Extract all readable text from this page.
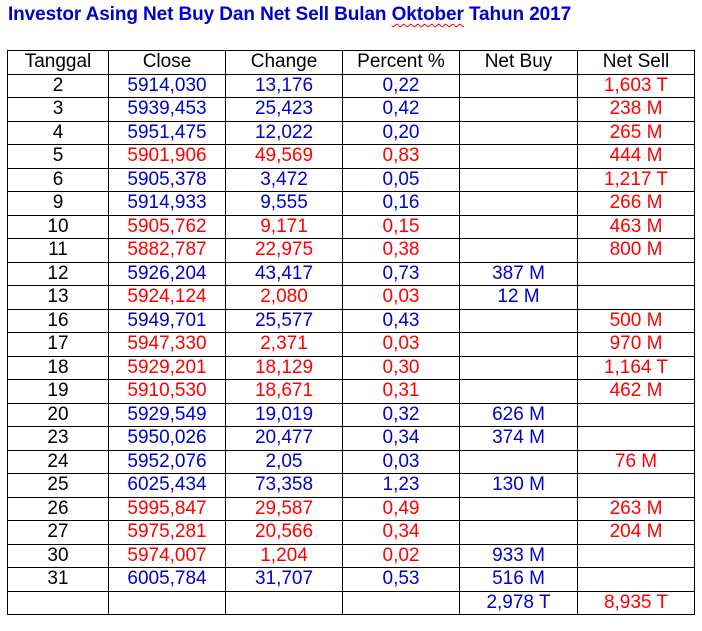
Investor Asing Net Buy Dan Net Sell Bulan Oktober Tahun 2017
Tanggal	Close	Change	Percent %	Net Buy	Net Sell
2	5914,030	13,176	0,22		1,603 T
3	5939,453	25,423	0,42		238 M
4	5951,475	12,022	0,20		265 M
5	5901,906	49,569	0,83		444 M
6	5905,378	3,472	0,05		1,217 T
9	5914,933	9,555	0,16		266 M
10	5905,762	9,171	0,15		463 M
11	5882,787	22,975	0,38		800 M
12	5926,204	43,417	0,73	387 M	
13	5924,124	2,080	0,03	12 M	
16	5949,701	25,577	0,43		500 M
17	5947,330	2,371	0,03		970 M
18	5929,201	18,129	0,30		1,164 T
19	5910,530	18,671	0,31		462 M
20	5929,549	19,019	0,32	626 M	
23	5950,026	20,477	0,34	374 M	
24	5952,076	2,05	0,03		76 M
25	6025,434	73,358	1,23	130 M	
26	5995,847	29,587	0,49		263 M
27	5975,281	20,566	0,34		204 M
30	5974,007	1,204	0,02	933 M	
31	6005,784	31,707	0,53	516 M	
				2,978 T	8,935 T
